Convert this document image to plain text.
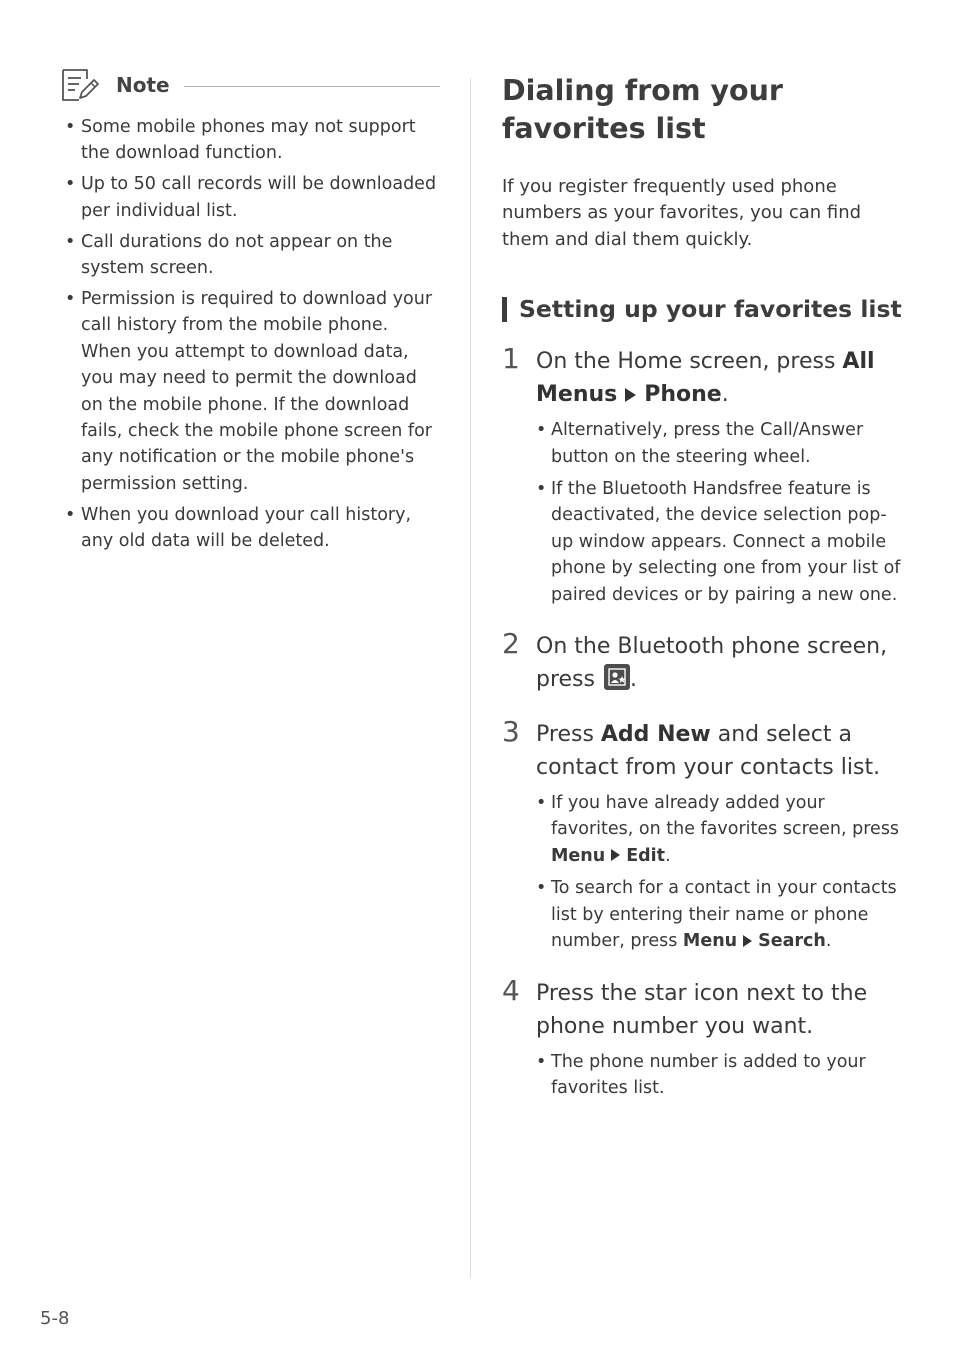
Note
• Some mobile phones may not support the download function.
• Up to 50 call records will be downloaded per individual list.
• Call durations do not appear on the system screen.
• Permission is required to download your call history from the mobile phone. When you attempt to download data, you may need to permit the download on the mobile phone. If the download fails, check the mobile phone screen for any notification or the mobile phone's permission setting.
• When you download your call history, any old data will be deleted.
Dialing from your favorites list

If you register frequently used phone numbers as your favorites, you can find them and dial them quickly.

Setting up your favorites list
1 On the Home screen, press All Menus Phone.
• Alternatively, press the Call/Answer button on the steering wheel.
• If the Bluetooth Handsfree feature is deactivated, the device selection pop-up window appears. Connect a mobile phone by selecting one from your list of paired devices or by pairing a new one.
2 On the Bluetooth phone screen, press
.
3 Press Add New and select a contact from your contacts list.
• If you have already added your favorites, on the favorites screen, press Menu Edit.
• To search for a contact in your contacts list by entering their name or phone number, press Menu Search.
4 Press the star icon next to the phone number you want.
• The phone number is added to your favorites list.
5-8
